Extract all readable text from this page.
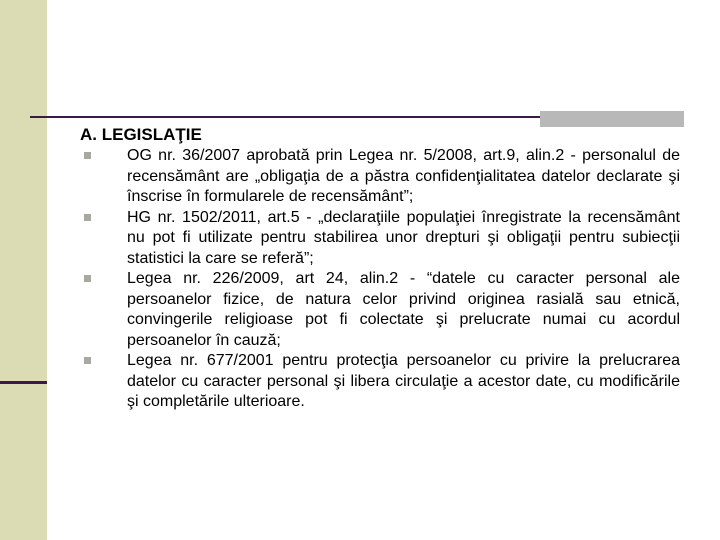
A. LEGISLAŢIE
OG nr. 36/2007 aprobată prin Legea nr. 5/2008, art.9, alin.2 - personalul de recensământ are „obligaţia de a păstra confidenţialitatea datelor declarate şi înscrise în formularele de recensământ”;
HG nr. 1502/2011, art.5 - „declaraţiile populaţiei înregistrate la recensământ nu pot fi utilizate pentru stabilirea unor drepturi şi obligaţii pentru subiecţii statistici la care se referă”;
Legea nr. 226/2009, art 24, alin.2 - “datele cu caracter personal ale persoanelor fizice, de natura celor privind originea rasială sau etnică, convingerile religioase pot fi colectate şi prelucrate numai cu acordul persoanelor în cauză;
Legea nr. 677/2001 pentru protecţia persoanelor cu privire la prelucrarea datelor cu caracter personal şi libera circulaţie a acestor date, cu modificările şi completările ulterioare.
